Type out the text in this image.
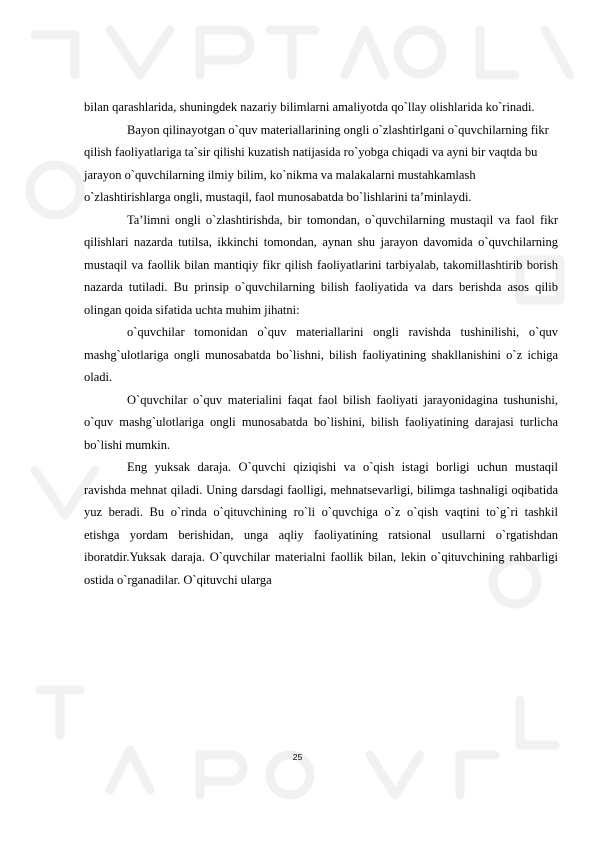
bilan qarashlarida, shuningdek nazariy bilimlarni amaliyotda qo`llay olishlarida ko`rinadi.

Bayon qilinayotgan o`quv materiallarining ongli o`zlashtirlgani o`quvchilarning fikr qilish faoliyatlariga ta`sir qilishi kuzatish natijasida ro`yobga chiqadi va ayni bir vaqtda bu jarayon o`quvchilarning ilmiy bilim, ko`nikma va malakalarni mustahkamlash o`zlashtirishlarga ongli, mustaqil, faol munosabatda bo`lishlarini ta’minlaydi.

Ta’limni ongli o`zlashtirishda, bir tomondan, o`quvchilarning mustaqil va faol fikr qilishlari nazarda tutilsa, ikkinchi tomondan, aynan shu jarayon davomida o`quvchilarning mustaqil va faollik bilan mantiqiy fikr qilish faoliyatlarini tarbiyalab, takomillashtirib borish nazarda tutiladi. Bu prinsip o`quvchilarning bilish faoliyatida va dars berishda asos qilib olingan qoida sifatida uchta muhim jihatni:

o`quvchilar tomonidan o`quv materiallarini ongli ravishda tushinilishi, o`quv mashg`ulotlariga ongli munosabatda bo`lishni, bilish faoliyatining shakllanishini o`z ichiga oladi.

O`quvchilar o`quv materialini faqat faol bilish faoliyati jarayonidagina tushunishi, o`quv mashg`ulotlariga ongli munosabatda bo`lishini, bilish faoliyatining darajasi turlicha bo`lishi mumkin.

Eng yuksak daraja. O`quvchi qiziqishi va o`qish istagi borligi uchun mustaqil ravishda mehnat qiladi. Uning darsdagi faolligi, mehnatsevarligi, bilimga tashnaligi oqibatida yuz beradi. Bu o`rinda o`qituvchining ro`li o`quvchiga o`z o`qish vaqtini to`g`ri tashkil etishga yordam berishidan, unga aqliy faoliyatining ratsional usullarni o`rgatishdan iboratdir.Yuksak daraja. O`quvchilar materialni faollik bilan, lekin o`qituvchining rahbarligi ostida o`rganadilar. O`qituvchi ularga

25
